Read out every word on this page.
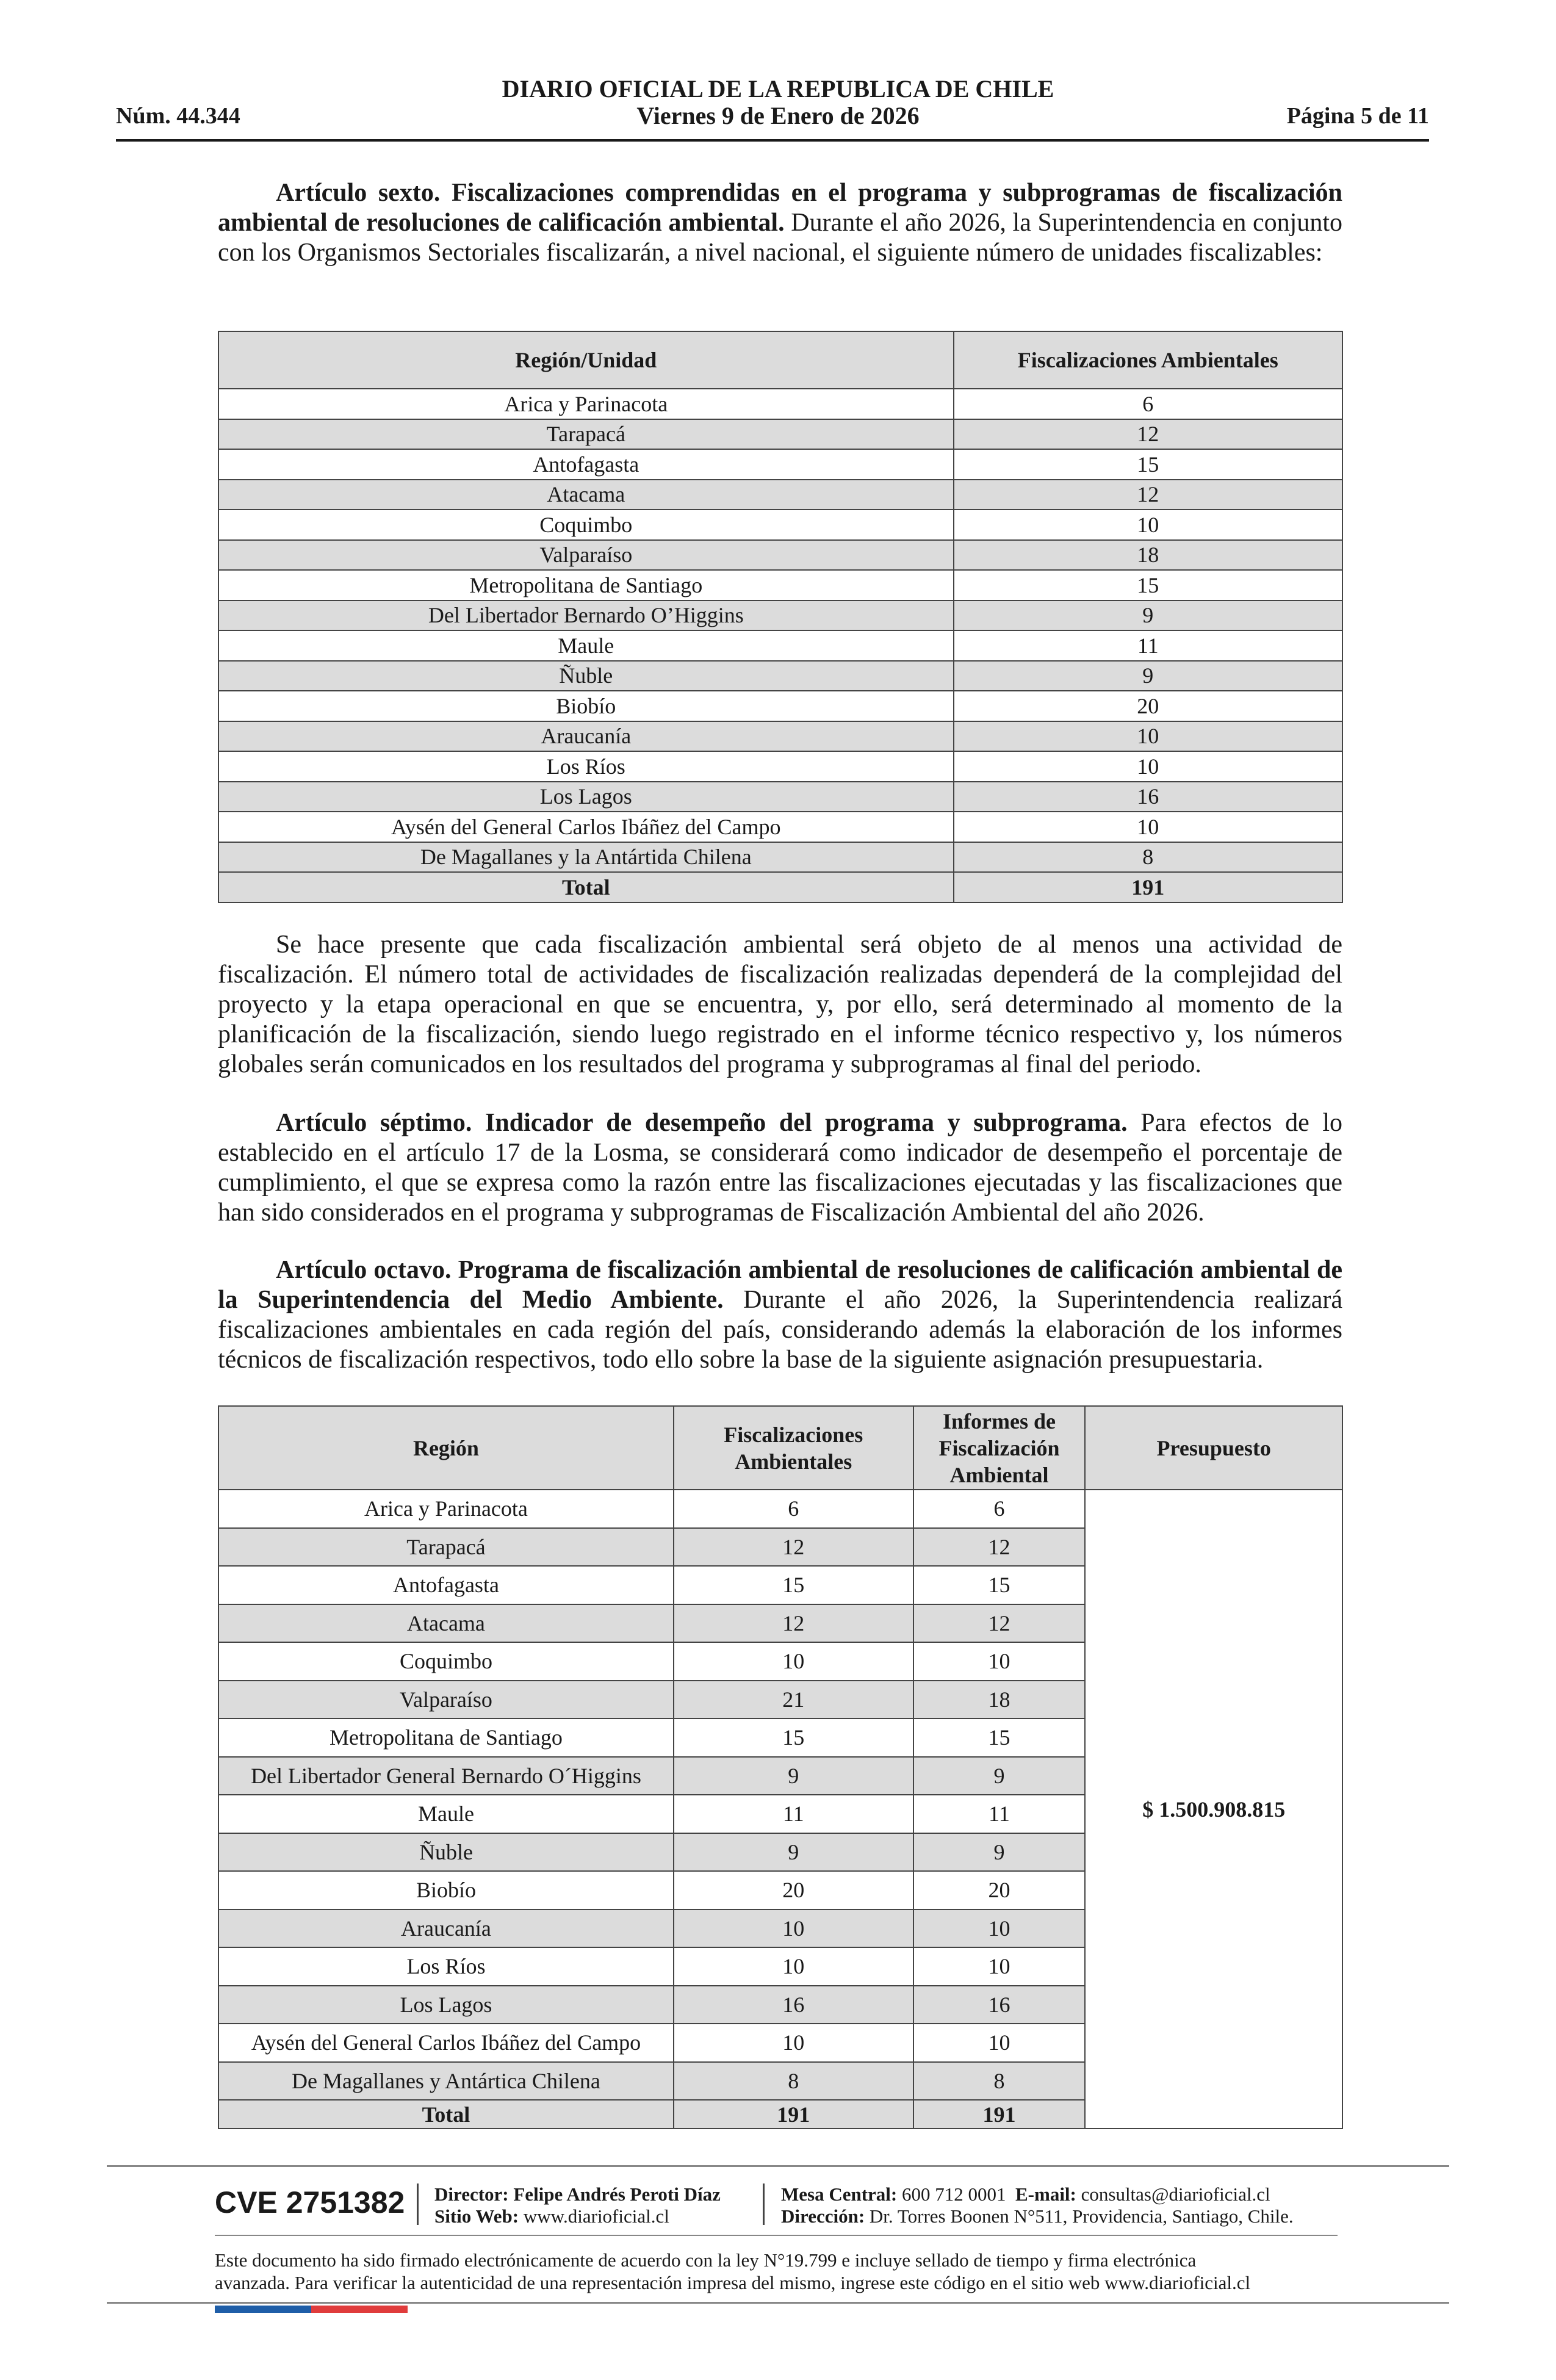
DIARIO OFICIAL DE LA REPUBLICA DE CHILE
Viernes 9 de Enero de 2026
Núm. 44.344	Página 5 de 11

Artículo sexto. Fiscalizaciones comprendidas en el programa y subprogramas de fiscalización ambiental de resoluciones de calificación ambiental. Durante el año 2026, la Superintendencia en conjunto con los Organismos Sectoriales fiscalizarán, a nivel nacional, el siguiente número de unidades fiscalizables:

Región/Unidad	Fiscalizaciones Ambientales
Arica y Parinacota	6
Tarapacá	12
Antofagasta	15
Atacama	12
Coquimbo	10
Valparaíso	18
Metropolitana de Santiago	15
Del Libertador Bernardo O’Higgins	9
Maule	11
Ñuble	9
Biobío	20
Araucanía	10
Los Ríos	10
Los Lagos	16
Aysén del General Carlos Ibáñez del Campo	10
De Magallanes y la Antártida Chilena	8
Total	191

Se hace presente que cada fiscalización ambiental será objeto de al menos una actividad de fiscalización. El número total de actividades de fiscalización realizadas dependerá de la complejidad del proyecto y la etapa operacional en que se encuentra, y, por ello, será determinado al momento de la planificación de la fiscalización, siendo luego registrado en el informe técnico respectivo y, los números globales serán comunicados en los resultados del programa y subprogramas al final del periodo.

Artículo séptimo. Indicador de desempeño del programa y subprograma. Para efectos de lo establecido en el artículo 17 de la Losma, se considerará como indicador de desempeño el porcentaje de cumplimiento, el que se expresa como la razón entre las fiscalizaciones ejecutadas y las fiscalizaciones que han sido considerados en el programa y subprogramas de Fiscalización Ambiental del año 2026.

Artículo octavo. Programa de fiscalización ambiental de resoluciones de calificación ambiental de la Superintendencia del Medio Ambiente. Durante el año 2026, la Superintendencia realizará fiscalizaciones ambientales en cada región del país, considerando además la elaboración de los informes técnicos de fiscalización respectivos, todo ello sobre la base de la siguiente asignación presupuestaria.

Región	Fiscalizaciones Ambientales	Informes de Fiscalización Ambiental	Presupuesto
Arica y Parinacota	6	6	$ 1.500.908.815
Tarapacá	12	12	
Antofagasta	15	15	
Atacama	12	12	
Coquimbo	10	10	
Valparaíso	21	18	
Metropolitana de Santiago	15	15	
Del Libertador General Bernardo O´Higgins	9	9	
Maule	11	11	
Ñuble	9	9	
Biobío	20	20	
Araucanía	10	10	
Los Ríos	10	10	
Los Lagos	16	16	
Aysén del General Carlos Ibáñez del Campo	10	10	
De Magallanes y Antártica Chilena	8	8	
Total	191	191	
CVE 2751382 Director: Felipe Andrés Peroti Díaz
Sitio Web: www.diarioficial.cl
Mesa Central: 600 712 0001 E-mail: consultas@diarioficial.cl
Dirección: Dr. Torres Boonen N°511, Providencia, Santiago, Chile.
Este documento ha sido firmado electrónicamente de acuerdo con la ley N°19.799 e incluye sellado de tiempo y firma electrónica
avanzada. Para verificar la autenticidad de una representación impresa del mismo, ingrese este código en el sitio web www.diarioficial.cl
